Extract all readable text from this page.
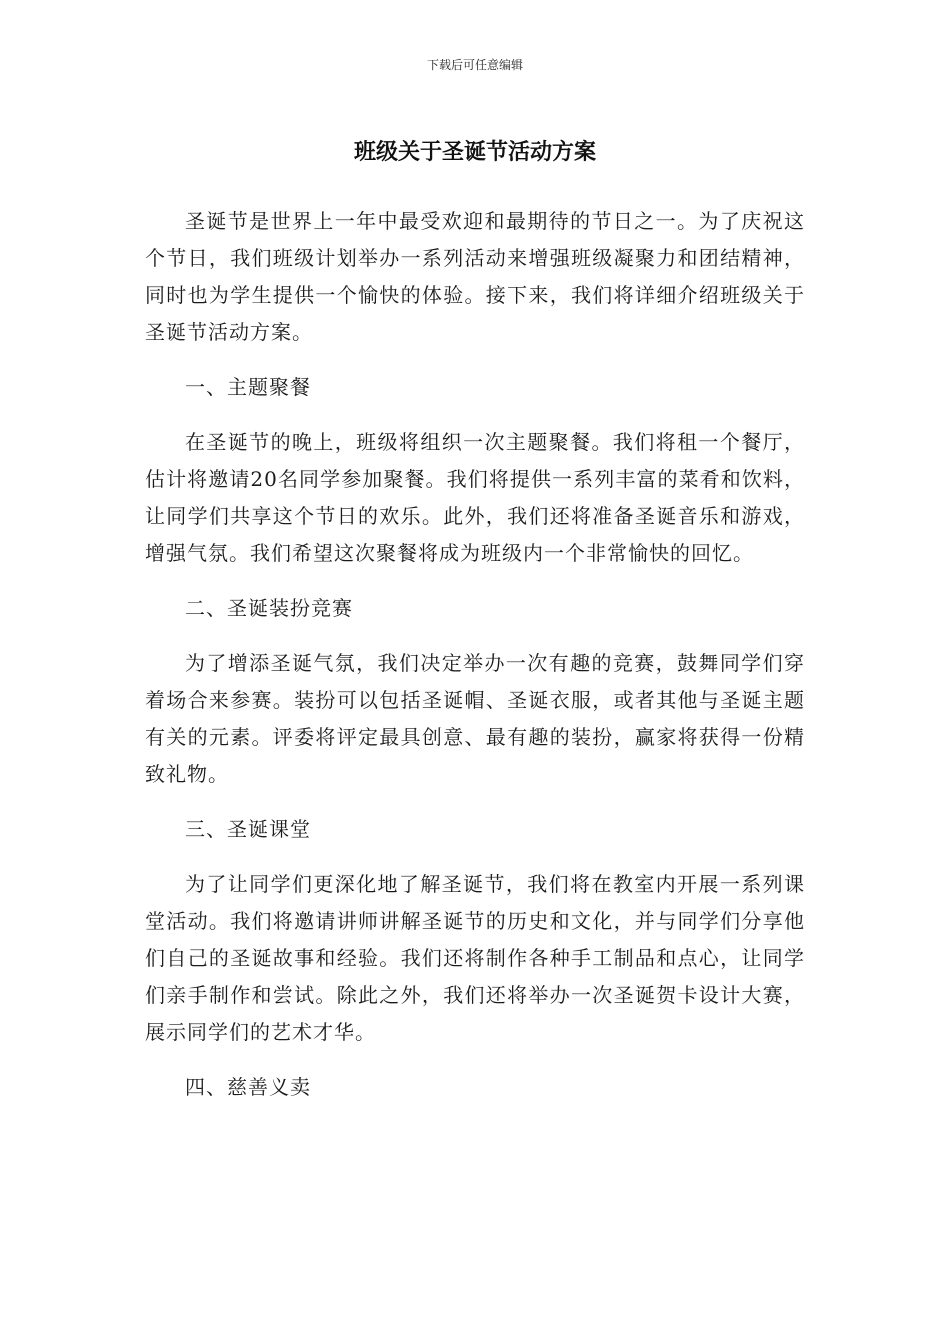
下载后可任意编辑
班级关于圣诞节活动方案

圣诞节是世界上一年中最受欢迎和最期待的节日之一。为了庆祝这个节日，我们班级计划举办一系列活动来增强班级凝聚力和团结精神，同时也为学生提供一个愉快的体验。接下来，我们将详细介绍班级关于圣诞节活动方案。

一、主题聚餐

在圣诞节的晚上，班级将组织一次主题聚餐。我们将租一个餐厅，估计将邀请20名同学参加聚餐。我们将提供一系列丰富的菜肴和饮料，让同学们共享这个节日的欢乐。此外，我们还将准备圣诞音乐和游戏，增强气氛。我们希望这次聚餐将成为班级内一个非常愉快的回忆。

二、圣诞装扮竞赛

为了增添圣诞气氛，我们决定举办一次有趣的竞赛，鼓舞同学们穿着场合来参赛。装扮可以包括圣诞帽、圣诞衣服，或者其他与圣诞主题有关的元素。评委将评定最具创意、最有趣的装扮，赢家将获得一份精致礼物。

三、圣诞课堂

为了让同学们更深化地了解圣诞节，我们将在教室内开展一系列课堂活动。我们将邀请讲师讲解圣诞节的历史和文化，并与同学们分享他们自己的圣诞故事和经验。我们还将制作各种手工制品和点心，让同学们亲手制作和尝试。除此之外，我们还将举办一次圣诞贺卡设计大赛，展示同学们的艺术才华。

四、慈善义卖
